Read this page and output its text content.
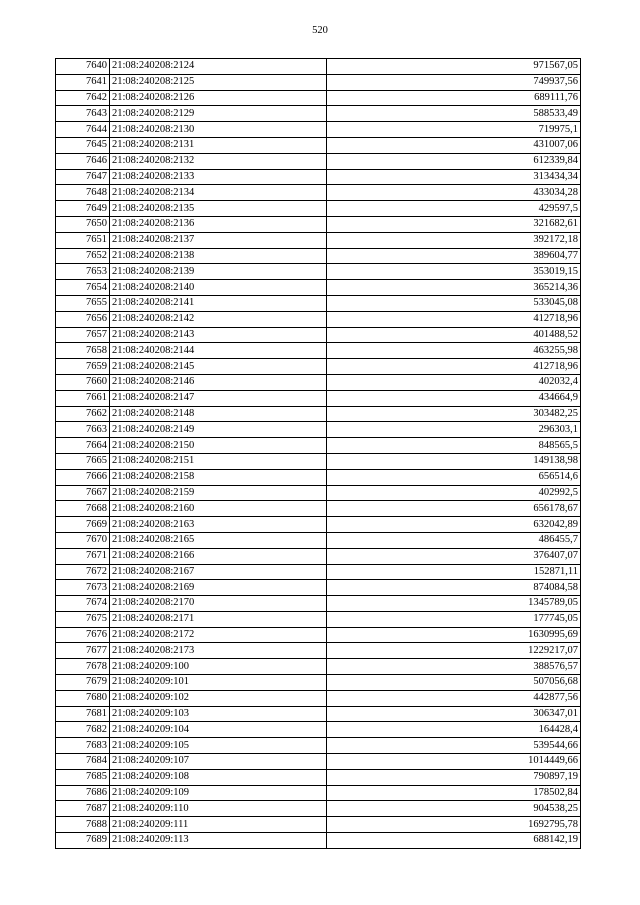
520
7640	21:08:240208:2124	971567,05
7641	21:08:240208:2125	749937,56
7642	21:08:240208:2126	689111,76
7643	21:08:240208:2129	588533,49
7644	21:08:240208:2130	719975,1
7645	21:08:240208:2131	431007,06
7646	21:08:240208:2132	612339,84
7647	21:08:240208:2133	313434,34
7648	21:08:240208:2134	433034,28
7649	21:08:240208:2135	429597,5
7650	21:08:240208:2136	321682,61
7651	21:08:240208:2137	392172,18
7652	21:08:240208:2138	389604,77
7653	21:08:240208:2139	353019,15
7654	21:08:240208:2140	365214,36
7655	21:08:240208:2141	533045,08
7656	21:08:240208:2142	412718,96
7657	21:08:240208:2143	401488,52
7658	21:08:240208:2144	463255,98
7659	21:08:240208:2145	412718,96
7660	21:08:240208:2146	402032,4
7661	21:08:240208:2147	434664,9
7662	21:08:240208:2148	303482,25
7663	21:08:240208:2149	296303,1
7664	21:08:240208:2150	848565,5
7665	21:08:240208:2151	149138,98
7666	21:08:240208:2158	656514,6
7667	21:08:240208:2159	402992,5
7668	21:08:240208:2160	656178,67
7669	21:08:240208:2163	632042,89
7670	21:08:240208:2165	486455,7
7671	21:08:240208:2166	376407,07
7672	21:08:240208:2167	152871,11
7673	21:08:240208:2169	874084,58
7674	21:08:240208:2170	1345789,05
7675	21:08:240208:2171	177745,05
7676	21:08:240208:2172	1630995,69
7677	21:08:240208:2173	1229217,07
7678	21:08:240209:100	388576,57
7679	21:08:240209:101	507056,68
7680	21:08:240209:102	442877,56
7681	21:08:240209:103	306347,01
7682	21:08:240209:104	164428,4
7683	21:08:240209:105	539544,66
7684	21:08:240209:107	1014449,66
7685	21:08:240209:108	790897,19
7686	21:08:240209:109	178502,84
7687	21:08:240209:110	904538,25
7688	21:08:240209:111	1692795,78
7689	21:08:240209:113	688142,19
